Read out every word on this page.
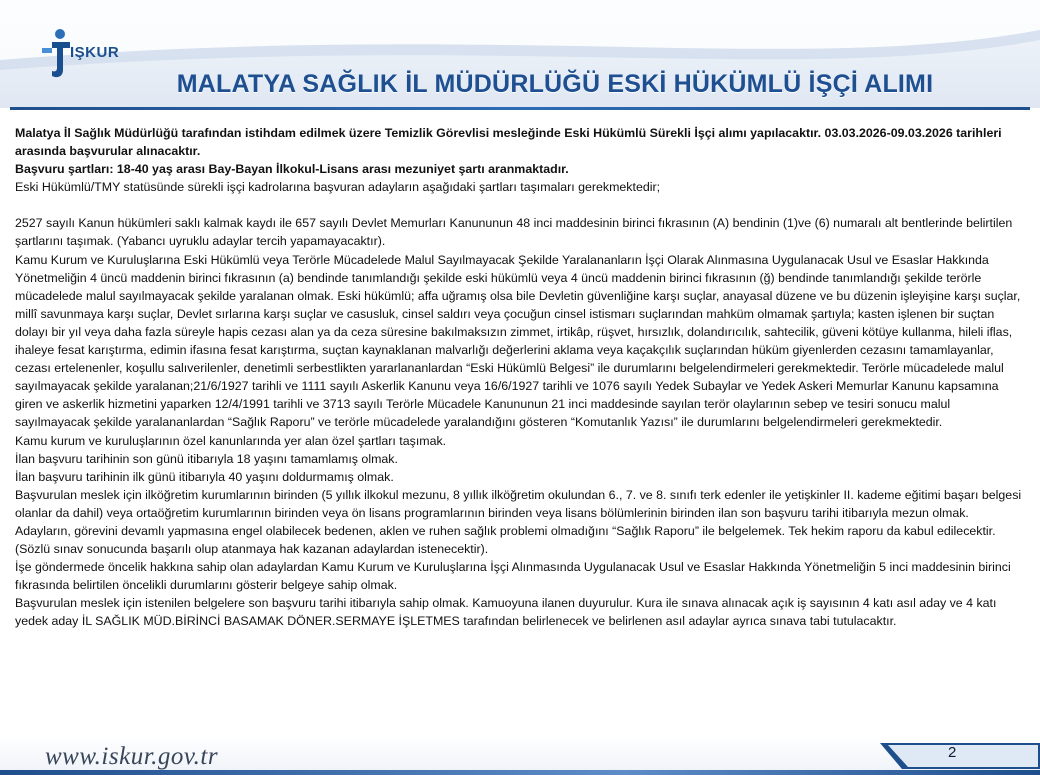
IŞKUR
MALATYA SAĞLIK İL MÜDÜRLÜĞÜ ESKİ HÜKÜMLÜ İŞÇİ ALIMI

Malatya İl Sağlık Müdürlüğü tarafından istihdam edilmek üzere Temizlik Görevlisi mesleğinde Eski Hükümlü Sürekli İşçi alımı yapılacaktır. 03.03.2026-09.03.2026 tarihleri arasında başvurular alınacaktır.

Başvuru şartları: 18-40 yaş arası Bay-Bayan İlkokul-Lisans arası mezuniyet şartı aranmaktadır.

Eski Hükümlü/TMY statüsünde sürekli işçi kadrolarına başvuran adayların aşağıdaki şartları taşımaları gerekmektedir;

2527 sayılı Kanun hükümleri saklı kalmak kaydı ile 657 sayılı Devlet Memurları Kanununun 48 inci maddesinin birinci fıkrasının (A) bendinin (1)ve (6) numaralı alt bentlerinde belirtilen şartlarını taşımak. (Yabancı uyruklu adaylar tercih yapamayacaktır).

Kamu Kurum ve Kuruluşlarına Eski Hükümlü veya Terörle Mücadelede Malul Sayılmayacak Şekilde Yaralananların İşçi Olarak Alınmasına Uygulanacak Usul ve Esaslar Hakkında Yönetmeliğin 4 üncü maddenin birinci fıkrasının (a) bendinde tanımlandığı şekilde eski hükümlü veya 4 üncü maddenin birinci fıkrasının (ğ) bendinde tanımlandığı şekilde terörle mücadelede malul sayılmayacak şekilde yaralanan olmak. Eski hükümlü; affa uğramış olsa bile Devletin güvenliğine karşı suçlar, anayasal düzene ve bu düzenin işleyişine karşı suçlar, millî savunmaya karşı suçlar, Devlet sırlarına karşı suçlar ve casusluk, cinsel saldırı veya çocuğun cinsel istismarı suçlarından mahküm olmamak şartıyla; kasten işlenen bir suçtan dolayı bir yıl veya daha fazla süreyle hapis cezası alan ya da ceza süresine bakılmaksızın zimmet, irtikâp, rüşvet, hırsızlık, dolandırıcılık, sahtecilik, güveni kötüye kullanma, hileli iflas, ihaleye fesat karıştırma, edimin ifasına fesat karıştırma, suçtan kaynaklanan malvarlığı değerlerini aklama veya kaçakçılık suçlarından hüküm giyenlerden cezasını tamamlayanlar, cezası ertelenenler, koşullu salıverilenler, denetimli serbestlikten yararlananlardan “Eski Hükümlü Belgesi” ile durumlarını belgelendirmeleri gerekmektedir. Terörle mücadelede malul sayılmayacak şekilde yaralanan;21/6/1927 tarihli ve 1111 sayılı Askerlik Kanunu veya 16/6/1927 tarihli ve 1076 sayılı Yedek Subaylar ve Yedek Askeri Memurlar Kanunu kapsamına giren ve askerlik hizmetini yaparken 12/4/1991 tarihli ve 3713 sayılı Terörle Mücadele Kanununun 21 inci maddesinde sayılan terör olaylarının sebep ve tesiri sonucu malul sayılmayacak şekilde yaralananlardan “Sağlık Raporu” ve terörle mücadelede yaralandığını gösteren “Komutanlık Yazısı” ile durumlarını belgelendirmeleri gerekmektedir.

Kamu kurum ve kuruluşlarının özel kanunlarında yer alan özel şartları taşımak.

İlan başvuru tarihinin son günü itibarıyla 18 yaşını tamamlamış olmak.

İlan başvuru tarihinin ilk günü itibarıyla 40 yaşını doldurmamış olmak.

Başvurulan meslek için ilköğretim kurumlarının birinden (5 yıllık ilkokul mezunu, 8 yıllık ilköğretim okulundan 6., 7. ve 8. sınıfı terk edenler ile yetişkinler II. kademe eğitimi başarı belgesi olanlar da dahil) veya ortaöğretim kurumlarının birinden veya ön lisans programlarının birinden veya lisans bölümlerinin birinden ilan son başvuru tarihi itibarıyla mezun olmak.

Adayların, görevini devamlı yapmasına engel olabilecek bedenen, aklen ve ruhen sağlık problemi olmadığını “Sağlık Raporu” ile belgelemek. Tek hekim raporu da kabul edilecektir.(Sözlü sınav sonucunda başarılı olup atanmaya hak kazanan adaylardan istenecektir).

İşe göndermede öncelik hakkına sahip olan adaylardan Kamu Kurum ve Kuruluşlarına İşçi Alınmasında Uygulanacak Usul ve Esaslar Hakkında Yönetmeliğin 5 inci maddesinin birinci fıkrasında belirtilen öncelikli durumlarını gösterir belgeye sahip olmak.

Başvurulan meslek için istenilen belgelere son başvuru tarihi itibarıyla sahip olmak. Kamuoyuna ilanen duyurulur. Kura ile sınava alınacak açık iş sayısının 4 katı asıl aday ve 4 katı yedek aday İL SAĞLIK MÜD.BİRİNCİ BASAMAK DÖNER.SERMAYE İŞLETMES tarafından belirlenecek ve belirlenen asıl adaylar ayrıca sınava tabi tutulacaktır.

www.iskur.gov.tr	2
